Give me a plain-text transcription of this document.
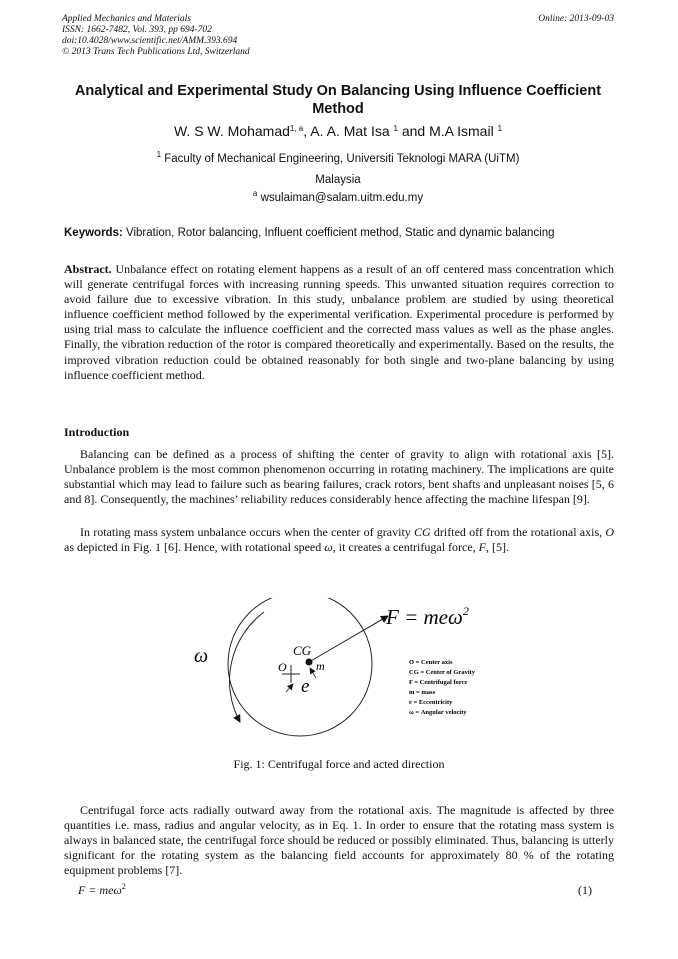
Applied Mechanics and Materials
ISSN: 1662-7482, Vol. 393, pp 694-702
doi:10.4028/www.scientific.net/AMM.393.694
© 2013 Trans Tech Publications Ltd, Switzerland
Online: 2013-09-03
Analytical and Experimental Study On Balancing Using Influence Coefficient Method
W. S W. Mohamad$^{1, a}$, A. A. Mat Isa $^1$ and M.A Ismail $^1$
$^1$ Faculty of Mechanical Engineering, Universiti Teknologi MARA (UiTM)
Malaysia
$^a$ wsulaiman@salam.uitm.edu.my
Keywords: Vibration, Rotor balancing, Influent coefficient method, Static and dynamic balancing
Abstract. Unbalance effect on rotating element happens as a result of an off centered mass concentration which will generate centrifugal forces with increasing running speeds. This unwanted situation requires correction to avoid failure due to excessive vibration. In this study, unbalance problem are studied by using theoretical influence coefficient method followed by the experimental verification. Experimental procedure is performed by using trial mass to calculate the influence coefficient and the corrected mass values as well as the phase angles. Finally, the vibration reduction of the rotor is compared theoretically and experimentally. Based on the results, the improved vibration reduction could be obtained reasonably for both single and two-plane balancing by using influence coefficient method.
Introduction
Balancing can be defined as a process of shifting the center of gravity to align with rotational axis [5]. Unbalance problem is the most common phenomenon occurring in rotating machinery. The implications are quite substantial which may lead to failure such as bearing failures, crack rotors, bent shafts and unpleasant noises [5, 6 and 8]. Consequently, the machines’ reliability reduces considerably hence affecting the machine lifespan [9].
In rotating mass system unbalance occurs when the center of gravity CG drifted off from the rotational axis, O as depicted in Fig. 1 [6]. Hence, with rotational speed ω, it creates a centrifugal force, F, [5].
F = meω$^2$
ω	CG
O m
e
O = Center axis
CG = Center of Gravity
F = Centrifugal force
m = mass
e = Eccentricity
ω = Angular velocity
Fig. 1: Centrifugal force and acted direction
Centrifugal force acts radially outward away from the rotational axis. The magnitude is affected by three quantities i.e. mass, radius and angular velocity, as in Eq. 1. In order to ensure that the rotating mass system is always in balanced state, the centrifugal force should be reduced or possibly eliminated. Thus, balancing is utterly significant for the rotating system as the balancing field accounts for approximately 80 % of the rotating equipment problems [7].
F = meω$^2$	(1)
